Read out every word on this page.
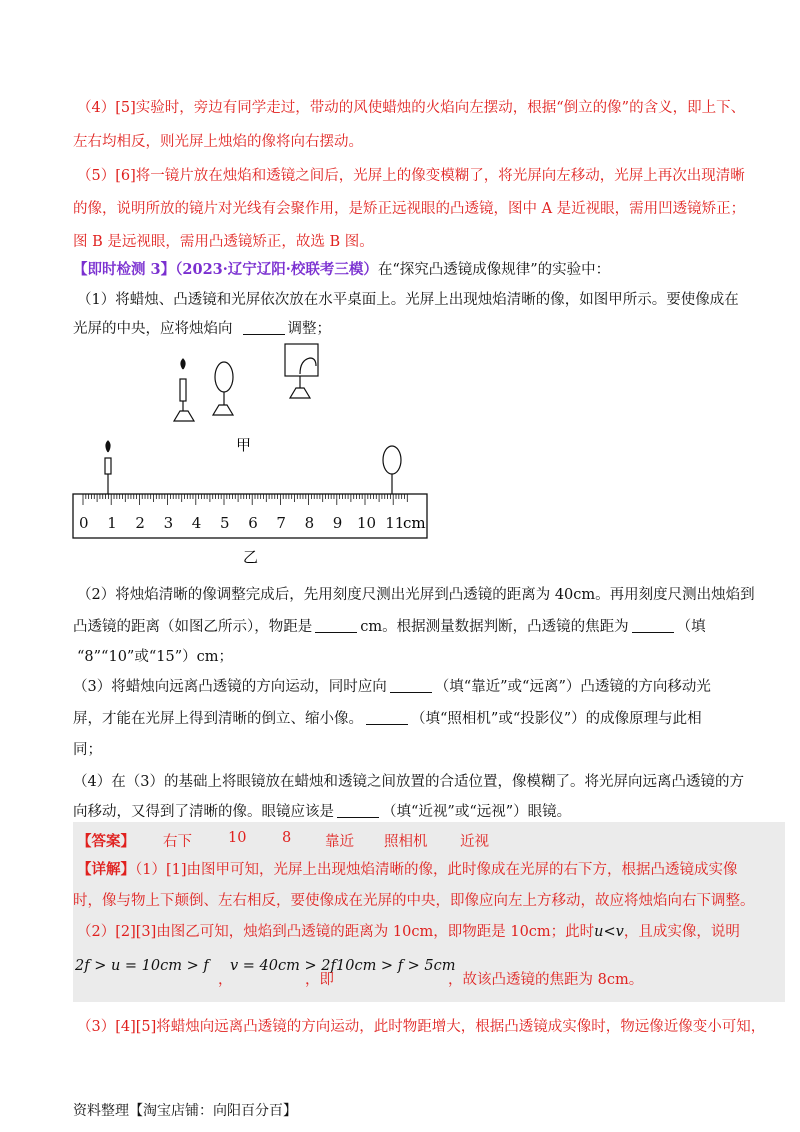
（4）[5]实验时，旁边有同学走过，带动的风使蜡烛的火焰向左摆动，根据“倒立的像”的含义，即上下、
左右均相反，则光屏上烛焰的像将向右摆动。
（5）[6]将一镜片放在烛焰和透镜之间后，光屏上的像变模糊了，将光屏向左移动，光屏上再次出现清晰
的像，说明所放的镜片对光线有会聚作用，是矫正远视眼的凸透镜，图中 A 是近视眼，需用凹透镜矫正；
图 B 是远视眼，需用凸透镜矫正，故选 B 图。
【即时检测 3】（2023·辽宁辽阳·校联考三模）在“探究凸透镜成像规律”的实验中：
（1）将蜡烛、凸透镜和光屏依次放在水平桌面上。光屏上出现烛焰清晰的像，如图甲所示。要使像成在
光屏的中央，应将烛焰向	调整；
甲
0 1 2 3 4 5 6 7 8 9 10 11
cm
乙
（2）将烛焰清晰的像调整完成后，先用刻度尺测出光屏到凸透镜的距离为 40cm。再用刻度尺测出烛焰到
凸透镜的距离（如图乙所示），物距是	cm。根据测量数据判断，凸透镜的焦距为	（填
“8”“10”或“15”）cm；
（3）将蜡烛向远离凸透镜的方向运动，同时应向	（填“靠近”或“远离”）凸透镜的方向移动光
屏，才能在光屏上得到清晰的倒立、缩小像。	（填“照相机”或“投影仪”）的成像原理与此相
同；
（4）在（3）的基础上将眼镜放在蜡烛和透镜之间放置的合适位置，像模糊了。将光屏向远离凸透镜的方
向移动，又得到了清晰的像。眼镜应该是	（填“近视”或“远视”）眼镜。
【答案】 右下 10 8 靠近 照相机 近视
【详解】（1）[1]由图甲可知，光屏上出现烛焰清晰的像，此时像成在光屏的右下方，根据凸透镜成实像
时，像与物上下颠倒、左右相反，要使像成在光屏的中央，即像应向左上方移动，故应将烛焰向右下调整。
（2）[2][3]由图乙可知，烛焰到凸透镜的距离为 10cm，即物距是 10cm；此时u<v，且成实像，说明
2f > u = 10cm > f
，
v = 40cm > 2f
，即
10cm > f > 5cm
，故该凸透镜的焦距为 8cm。
（3）[4][5]将蜡烛向远离凸透镜的方向运动，此时物距增大，根据凸透镜成实像时，物远像近像变小可知，
资料整理【淘宝店铺：向阳百分百】
